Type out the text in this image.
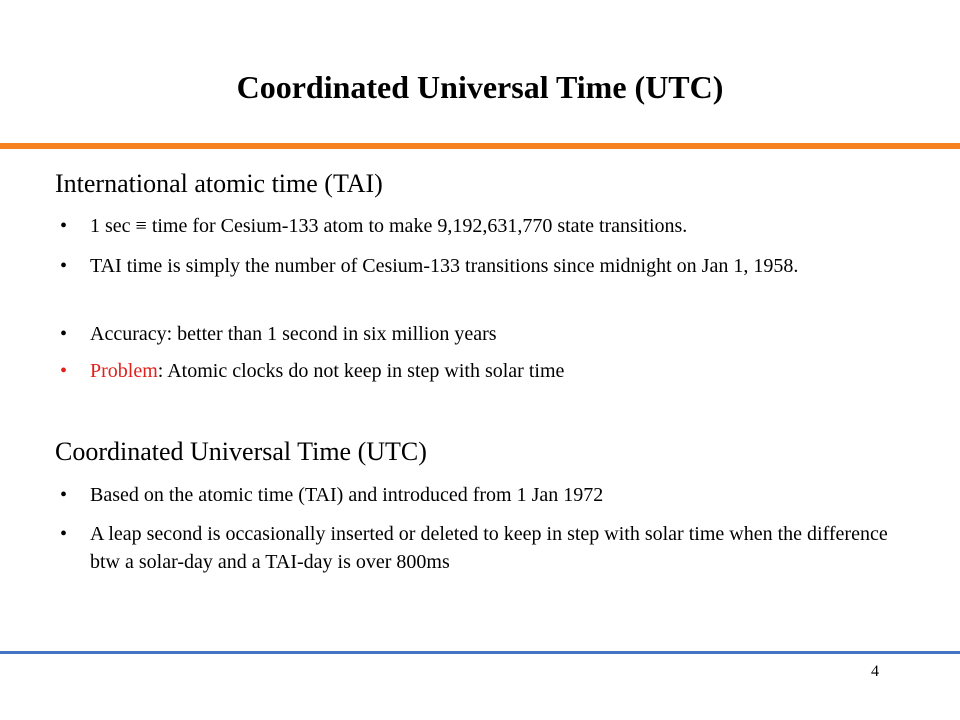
Coordinated Universal Time (UTC)
International atomic time (TAI)
• 1 sec ≡ time for Cesium-133 atom to make 9,192,631,770 state transitions.
• TAI time is simply the number of Cesium-133 transitions since midnight on Jan 1, 1958.
• Accuracy: better than 1 second in six million years
• Problem: Atomic clocks do not keep in step with solar time
Coordinated Universal Time (UTC)
• Based on the atomic time (TAI) and introduced from 1 Jan 1972
• A leap second is occasionally inserted or deleted to keep in step with solar time when the difference btw a solar-day and a TAI-day is over 800ms
4
